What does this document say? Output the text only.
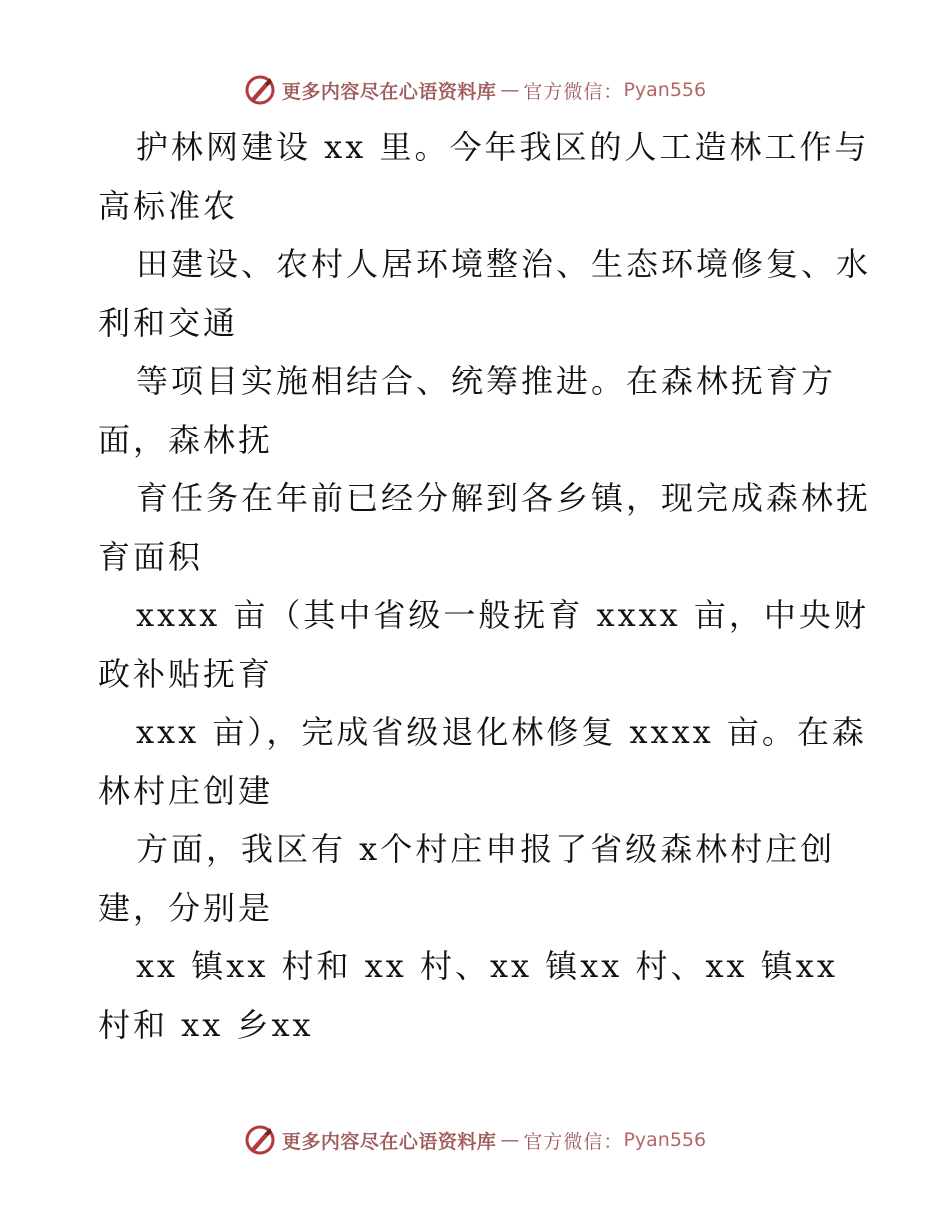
更多内容尽在心语资料库 — 官方微信： Pyan556
护林网建设 xx 里。今年我区的人工造林工作与
高标准农
田建设、农村人居环境整治、生态环境修复、水
利和交通
等项目实施相结合、统筹推进。在森林抚育方
面，森林抚
育任务在年前已经分解到各乡镇，现完成森林抚
育面积
xxxx 亩（其中省级一般抚育 xxxx 亩，中央财
政补贴抚育
xxx 亩），完成省级退化林修复 xxxx 亩。在森
林村庄创建
方面，我区有 x个村庄申报了省级森林村庄创
建，分别是
xx 镇xx 村和 xx 村、xx 镇xx 村、xx 镇xx
村和 xx 乡xx
更多内容尽在心语资料库 — 官方微信： Pyan556
